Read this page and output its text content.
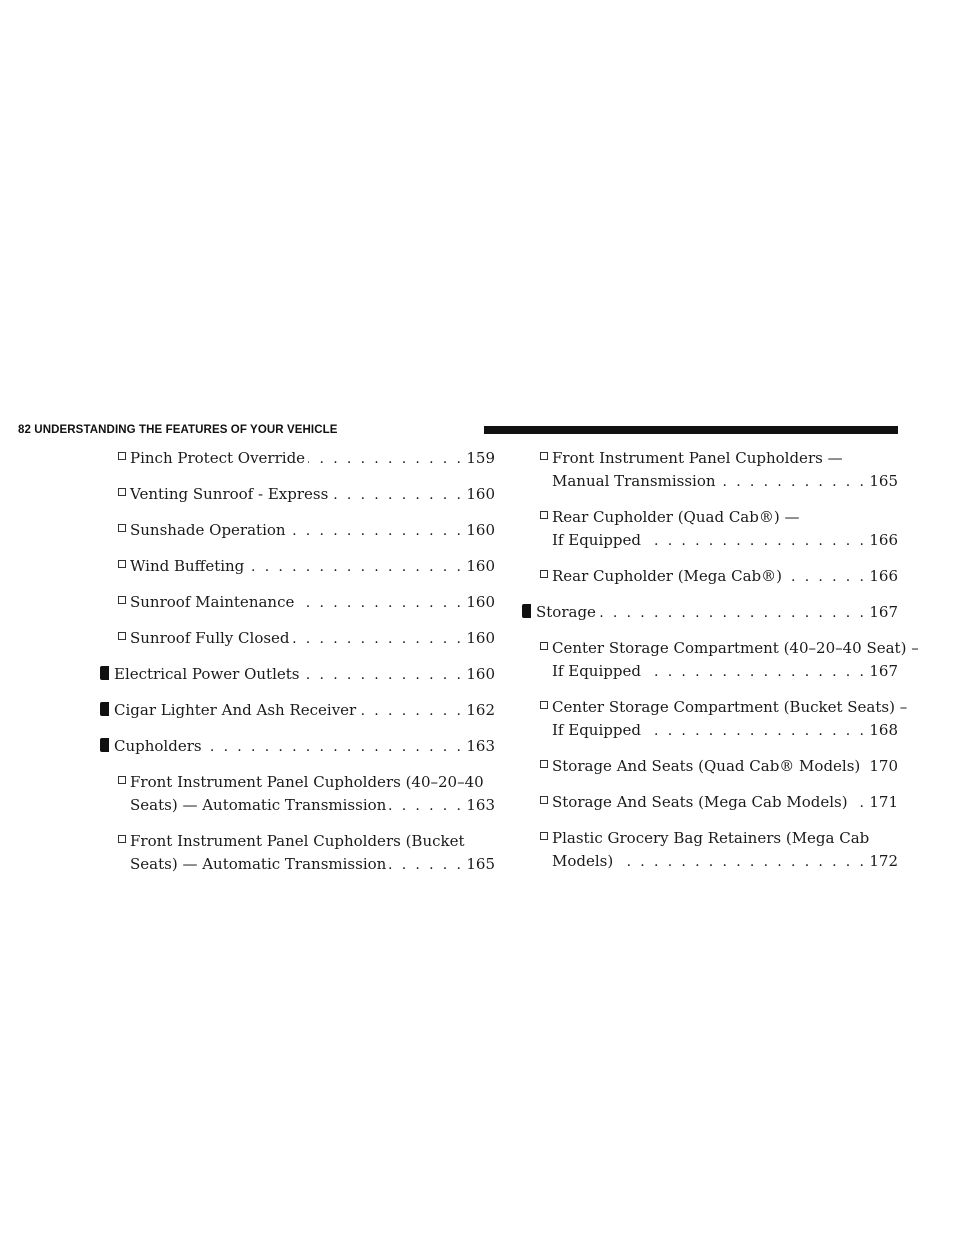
82 UNDERSTANDING THE FEATURES OF YOUR VEHICLE
Pinch Protect Override . . .	159
Venting Sunroof - Express . . .	160
Sunshade Operation . . .	160
Wind Buffeting . . .	160
Sunroof Maintenance . . .	160
Sunroof Fully Closed . . .	160
Electrical Power Outlets . . .	160
Cigar Lighter And Ash Receiver . . .	162
Cupholders . . .	163
Front Instrument Panel Cupholders (40–20–40
Seats) — Automatic Transmission . . .	163
Front Instrument Panel Cupholders (Bucket
Seats) — Automatic Transmission . . .	165
Front Instrument Panel Cupholders —
Manual Transmission . . .	165
Rear Cupholder (Quad Cab®) —
If Equipped . . .	166
Rear Cupholder (Mega Cab®) . . .	166
Storage . . .	167
Center Storage Compartment (40–20–40 Seat) –
If Equipped . . .	167
Center Storage Compartment (Bucket Seats) –
If Equipped . . .	168
Storage And Seats (Quad Cab® Models) . . . 170
Storage And Seats (Mega Cab Models) . . . 171
Plastic Grocery Bag Retainers (Mega Cab
Models) . . .	172
